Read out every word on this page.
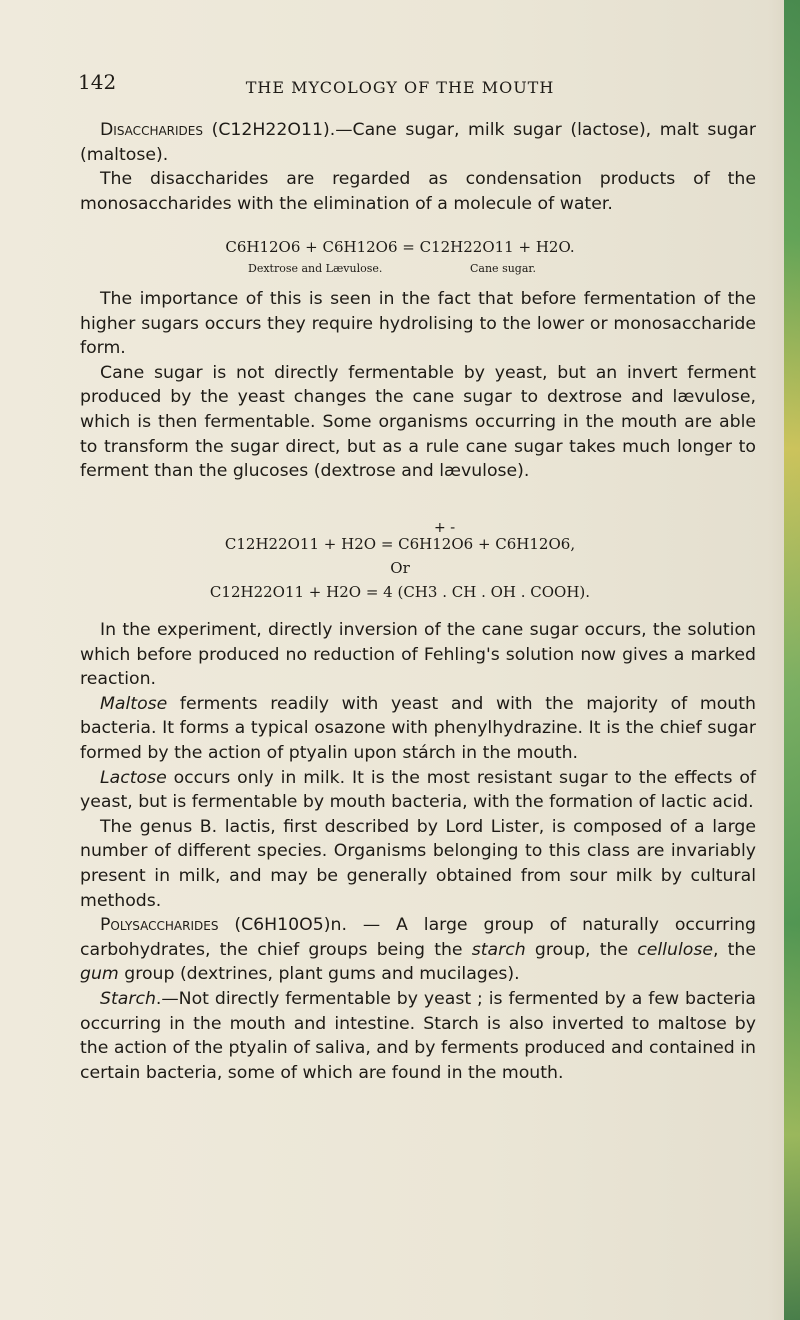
142	THE MYCOLOGY OF THE MOUTH

Disaccharides (C12H22O11).—Cane sugar, milk sugar (lactose), malt sugar (maltose).

The disaccharides are regarded as condensation products of the monosaccharides with the elimination of a molecule of water.

C6H12O6 + C6H12O6 = C12H22O11 + H2O.
Dextrose and Lævulose.	Cane sugar.

The importance of this is seen in the fact that before fermentation of the higher sugars occurs they require hydrolising to the lower or monosaccharide form.

Cane sugar is not directly fermentable by yeast, but an invert ferment produced by the yeast changes the cane sugar to dextrose and lævulose, which is then fermentable. Some organisms occurring in the mouth are able to transform the sugar direct, but as a rule cane sugar takes much longer to ferment than the glucoses (dextrose and lævulose).

+ -
C12H22O11 + H2O = C6H12O6 + C6H12O6,
Or
C12H22O11 + H2O = 4 (CH3 . CH . OH . COOH).

In the experiment, directly inversion of the cane sugar occurs, the solution which before produced no reduction of Fehling's solution now gives a marked reaction.

Maltose ferments readily with yeast and with the majority of mouth bacteria. It forms a typical osazone with phenylhydrazine. It is the chief sugar formed by the action of ptyalin upon stárch in the mouth.

Lactose occurs only in milk. It is the most resistant sugar to the effects of yeast, but is fermentable by mouth bacteria, with the formation of lactic acid.

The genus B. lactis, first described by Lord Lister, is composed of a large number of different species. Organisms belonging to this class are invariably present in milk, and may be generally obtained from sour milk by cultural methods.

Polysaccharides (C6H10O5)n. — A large group of naturally occurring carbohydrates, the chief groups being the starch group, the cellulose, the gum group (dextrines, plant gums and mucilages).

Starch.—Not directly fermentable by yeast ; is fermented by a few bacteria occurring in the mouth and intestine. Starch is also inverted to maltose by the action of the ptyalin of saliva, and by ferments produced and contained in certain bacteria, some of which are found in the mouth.
